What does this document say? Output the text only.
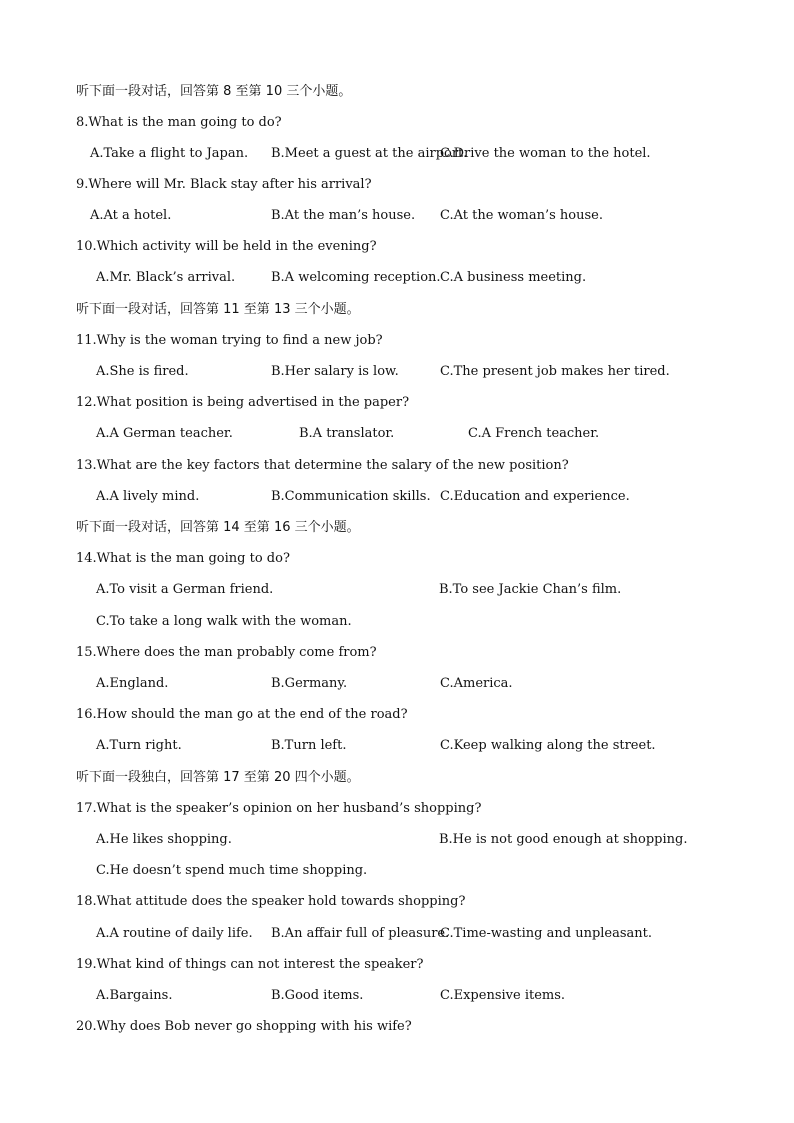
听下面一段对话，回答第 8 至第 10 三个小题。
8.What is the man going to do?
A.Take a flight to Japan. B.Meet a guest at the airport.
C.Drive the woman to the hotel.
9.Where will Mr. Black stay after his arrival?
A.At a hotel.	B.At the man’s house. C.At the woman’s house.
10.Which activity will be held in the evening?
A.Mr. Black’s arrival.	B.A welcoming reception. C.A business meeting.
听下面一段对话，回答第 11 至第 13 三个小题。
11.Why is the woman trying to find a new job?
A.She is fired.	B.Her salary is low.	C.The present job makes her tired.
12.What position is being advertised in the paper?
A.A German teacher.	B.A translator.	C.A French teacher.
13.What are the key factors that determine the salary of the new position?
A.A lively mind.	B.Communication skills. C.Education and experience.
听下面一段对话，回答第 14 至第 16 三个小题。
14.What is the man going to do?
A.To visit a German friend.	B.To see Jackie Chan’s film.
C.To take a long walk with the woman.
15.Where does the man probably come from?
A.England.	B.Germany.	C.America.
16.How should the man go at the end of the road?
A.Turn right.	B.Turn left.	C.Keep walking along the street.
听下面一段独白，回答第 17 至第 20 四个小题。
17.What is the speaker’s opinion on her husband’s shopping?
A.He likes shopping.	B.He is not good enough at shopping.
C.He doesn’t spend much time shopping.
18.What attitude does the speaker hold towards shopping?
A.A routine of daily life. B.An affair full of pleasure.
C.Time-wasting and unpleasant.
19.What kind of things can not interest the speaker?
A.Bargains.	B.Good items.	C.Expensive items.
20.Why does Bob never go shopping with his wife?
